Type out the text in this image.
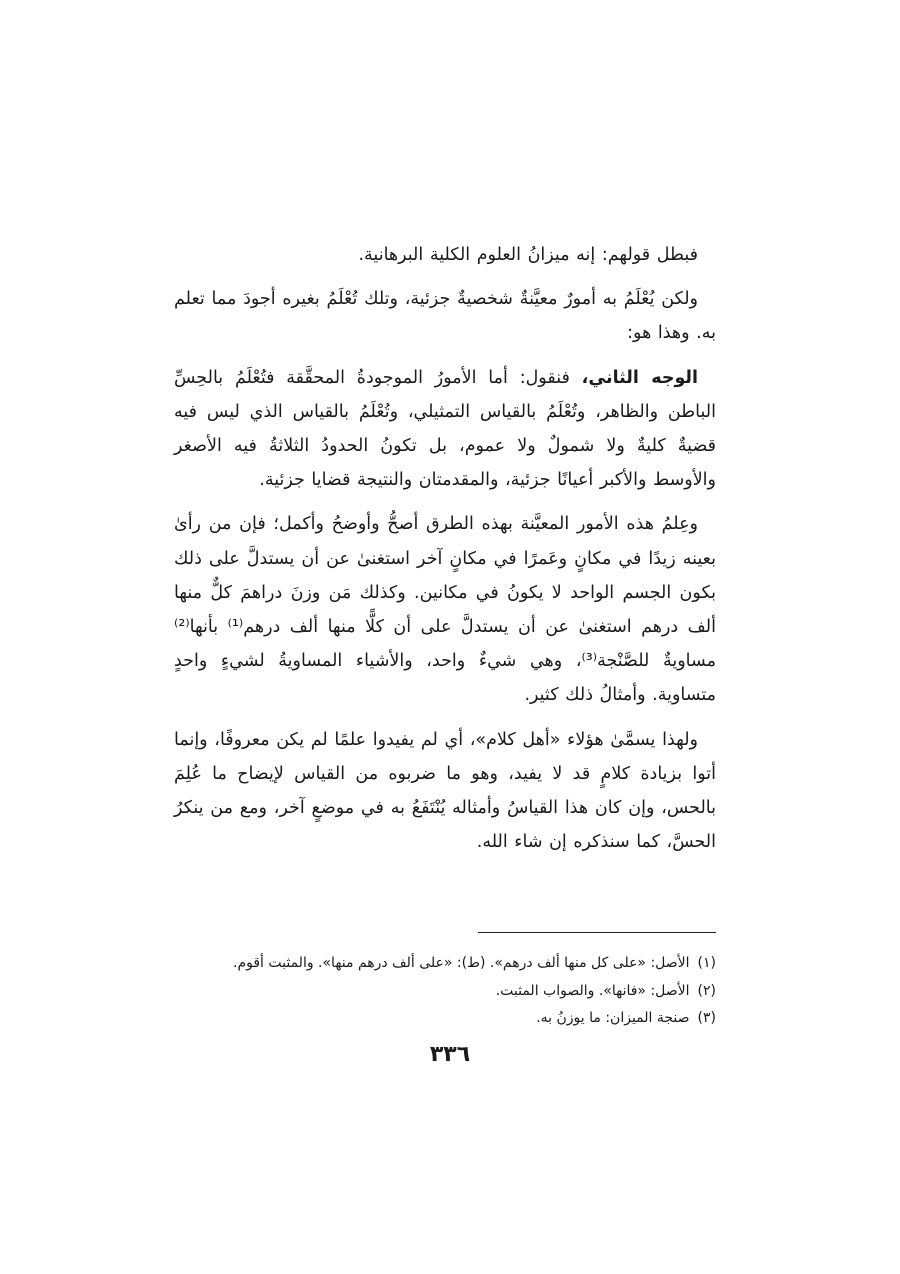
فبطل قولهم: إنه ميزانُ العلوم الكلية البرهانية.

ولكن يُعْلَمُ به أمورٌ معيَّنةٌ شخصيةٌ جزئية، وتلك تُعْلَمُ بغيره أجودَ مما تعلم به. وهذا هو:

الوجه الثاني، فنقول: أما الأمورُ الموجودةُ المحقَّقة فتُعْلَمُ بالحِسِّ الباطن والظاهر، وتُعْلَمُ بالقياس التمثيلي، وتُعْلَمُ بالقياس الذي ليس فيه قضيةٌ كليةٌ ولا شمولٌ ولا عموم، بل تكونُ الحدودُ الثلاثةُ فيه الأصغر والأوسط والأكبر أعيانًا جزئية، والمقدمتان والنتيجة قضايا جزئية.

وعِلمُ هذه الأمور المعيَّنة بهذه الطرق أصحُّ وأوضحُ وأكمل؛ فإن من رأىٰ بعينه زيدًا في مكانٍ وعَمرًا في مكانٍ آخر استغنىٰ عن أن يستدلَّ على ذلك بكون الجسم الواحد لا يكونُ في مكانين. وكذلك مَن وزنَ دراهمَ كلٌّ منها ألف درهم استغنىٰ عن أن يستدلَّ على أن كلًّا منها ألف درهم⁽¹⁾ بأنها⁽²⁾ مساويةٌ للصَّنْجة⁽³⁾، وهي شيءٌ واحد، والأشياء المساويةُ لشيءٍ واحدٍ متساوية. وأمثالُ ذلك كثير.

ولهذا يسمَّىٰ هؤلاء «أهل كلام»، أي لم يفيدوا علمًا لم يكن معروفًا، وإنما أتوا بزيادة كلامٍ قد لا يفيد، وهو ما ضربوه من القياس لإيضاح ما عُلِمَ بالحس، وإن كان هذا القياسُ وأمثاله يُنْتَفَعُ به في موضعٍ آخر، ومع من ينكرُ الحسَّ، كما سنذكره إن شاء الله.

(١)الأصل: «على كل منها ألف درهم». (ط): «على ألف درهم منها». والمثبت أقوم.

(٢)الأصل: «فانها». والصواب المثبت.

(٣)صنجة الميزان: ما يوزنُ به.

٣٣٦
